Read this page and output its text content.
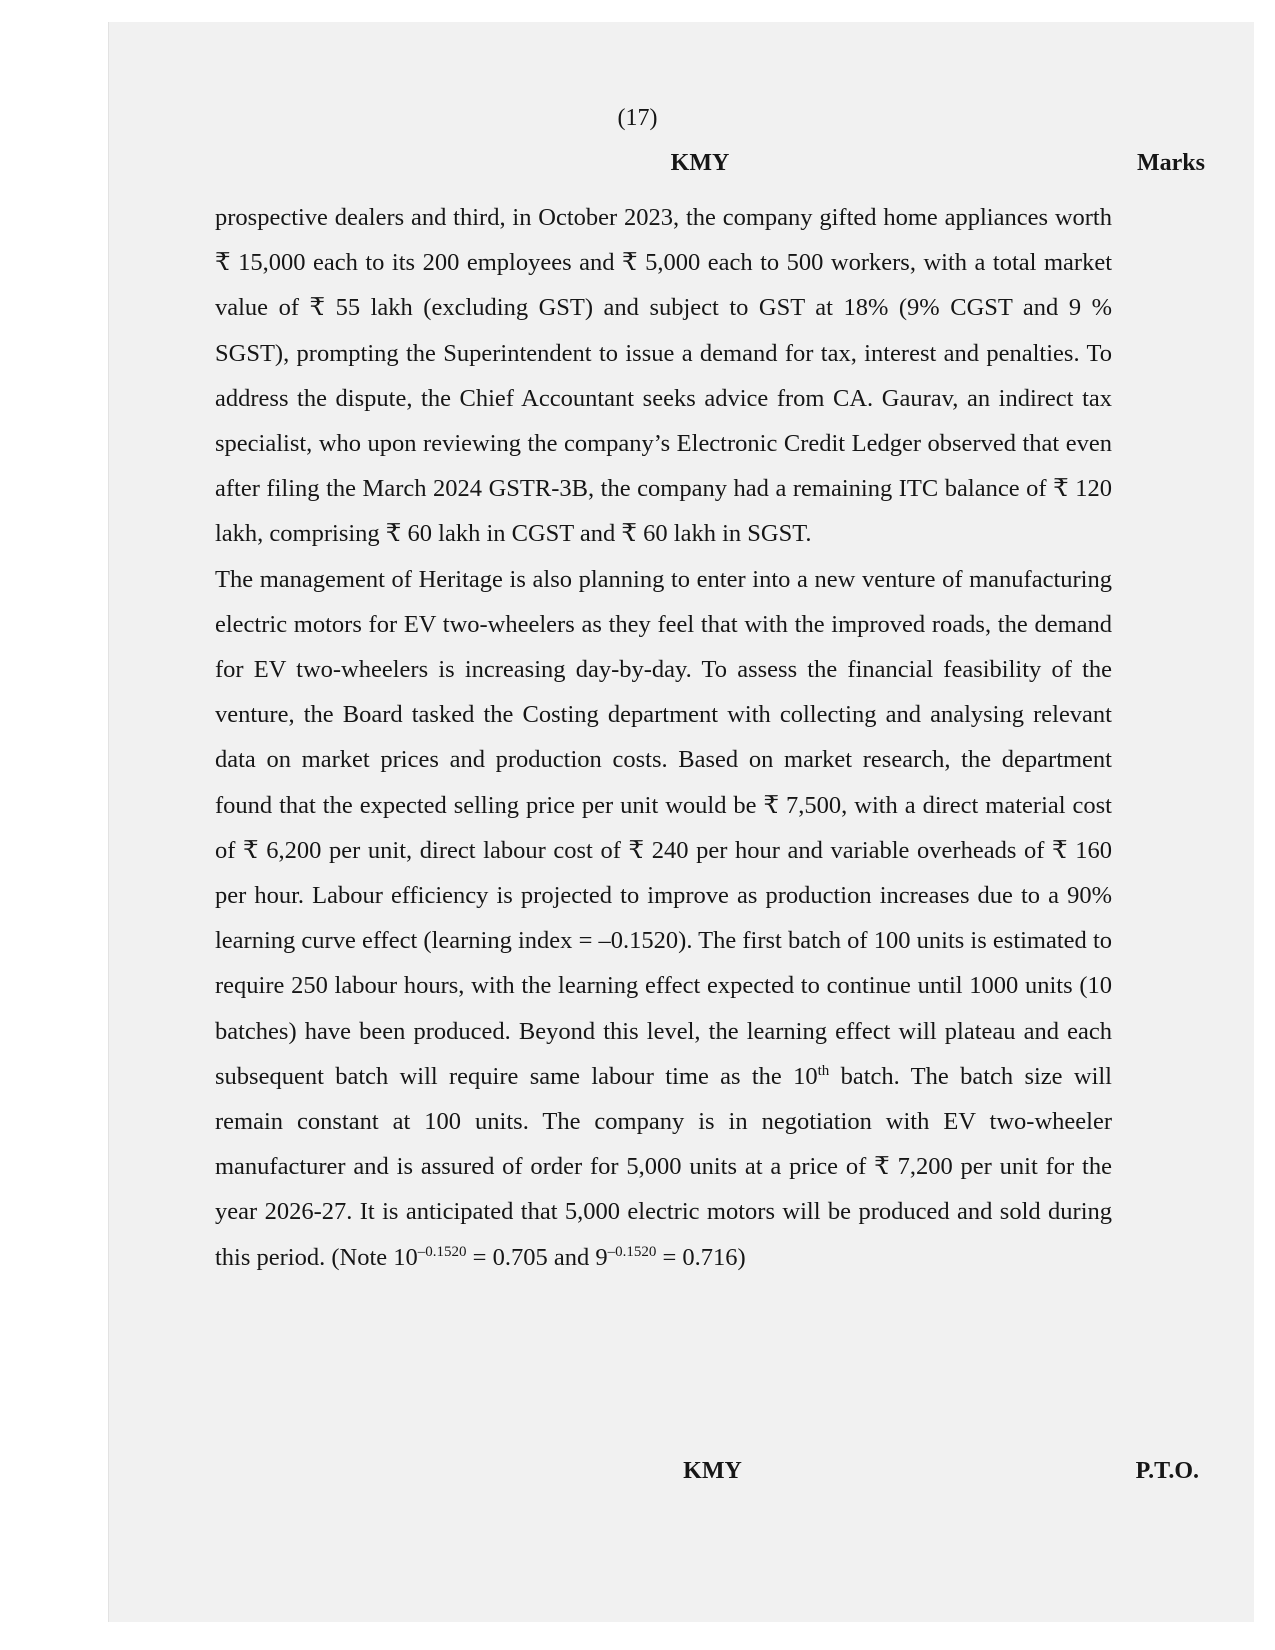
(17)
KMY	Marks

prospective dealers and third, in October 2023, the company gifted home appliances worth ₹ 15,000 each to its 200 employees and ₹ 5,000 each to 500 workers, with a total market value of ₹ 55 lakh (excluding GST) and subject to GST at 18% (9% CGST and 9 % SGST), prompting the Superintendent to issue a demand for tax, interest and penalties. To address the dispute, the Chief Accountant seeks advice from CA. Gaurav, an indirect tax specialist, who upon reviewing the company’s Electronic Credit Ledger observed that even after filing the March 2024 GSTR-3B, the company had a remaining ITC balance of ₹ 120 lakh, comprising ₹ 60 lakh in CGST and ₹ 60 lakh in SGST.

The management of Heritage is also planning to enter into a new venture of manufacturing electric motors for EV two-wheelers as they feel that with the improved roads, the demand for EV two-wheelers is increasing day-by-day. To assess the financial feasibility of the venture, the Board tasked the Costing department with collecting and analysing relevant data on market prices and production costs. Based on market research, the department found that the expected selling price per unit would be ₹ 7,500, with a direct material cost of ₹ 6,200 per unit, direct labour cost of ₹ 240 per hour and variable overheads of ₹ 160 per hour. Labour efficiency is projected to improve as production increases due to a 90% learning curve effect (learning index = –0.1520). The first batch of 100 units is estimated to require 250 labour hours, with the learning effect expected to continue until 1000 units (10 batches) have been produced. Beyond this level, the learning effect will plateau and each subsequent batch will require same labour time as the 10th batch. The batch size will remain constant at 100 units. The company is in negotiation with EV two-wheeler manufacturer and is assured of order for 5,000 units at a price of ₹ 7,200 per unit for the year 2026-27. It is anticipated that 5,000 electric motors will be produced and sold during this period. (Note $10^{-0.1520} = 0.705$ and $9^{-0.1520} = 0.716$)

KMY	P.T.O.
